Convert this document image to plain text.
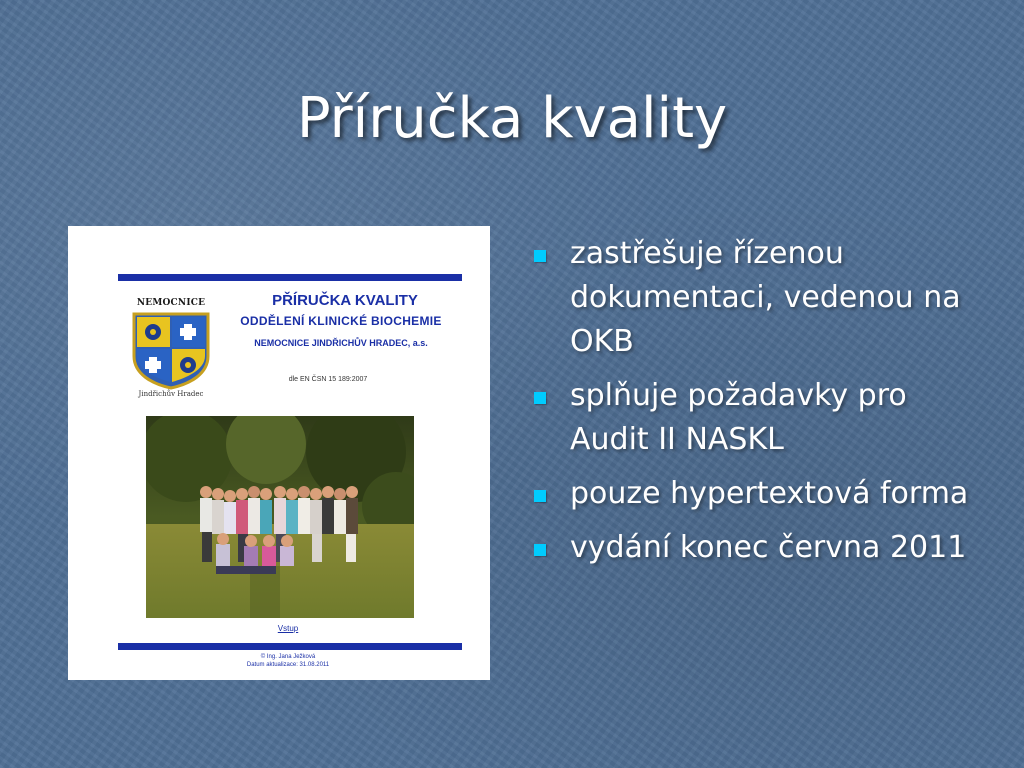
Příručka kvality
NEMOCNICE
Jindřichův Hradec
PŘÍRUČKA KVALITY
ODDĚLENÍ KLINICKÉ BIOCHEMIE
NEMOCNICE JINDŘICHŮV HRADEC, a.s.
dle EN ČSN 15 189:2007
Vstup
© Ing. Jana Ježková
Datum aktualizace: 31.08.2011
zastřešuje řízenou dokumentaci, vedenou na OKB
splňuje požadavky pro Audit II NASKL
pouze hypertextová forma
vydání konec června 2011
